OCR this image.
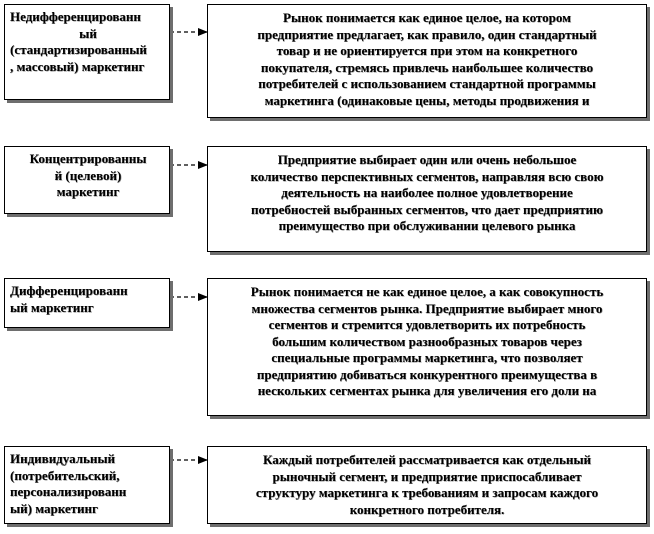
Недифференцированн
ый
(стандартизированный
, массовый) маркетинг
Рынок понимается как единое целое, на котором
предприятие предлагает, как правило, один стандартный
товар и не ориентируется при этом на конкретного
покупателя, стремясь привлечь наибольшее количество
потребителей с использованием стандартной программы
маркетинга (одинаковые цены, методы продвижения и
Концентрированны
й (целевой)
маркетинг
Предприятие выбирает один или очень небольшое
количество перспективных сегментов, направляя всю свою
деятельность на наиболее полное удовлетворение
потребностей выбранных сегментов, что дает предприятию
преимущество при обслуживании целевого рынка
Дифференцированн
ый маркетинг
Рынок понимается не как единое целое, а как совокупность
множества сегментов рынка. Предприятие выбирает много
сегментов и стремится удовлетворить их потребность
большим количеством разнообразных товаров через
специальные программы маркетинга, что позволяет
предприятию добиваться конкурентного преимущества в
нескольких сегментах рынка для увеличения его доли на
Индивидуальный
(потребительский,
персонализированн
ый) маркетинг
Каждый потребителей рассматривается как отдельный
рыночный сегмент, и предприятие приспосабливает
структуру маркетинга к требованиям и запросам каждого
конкретного потребителя.
